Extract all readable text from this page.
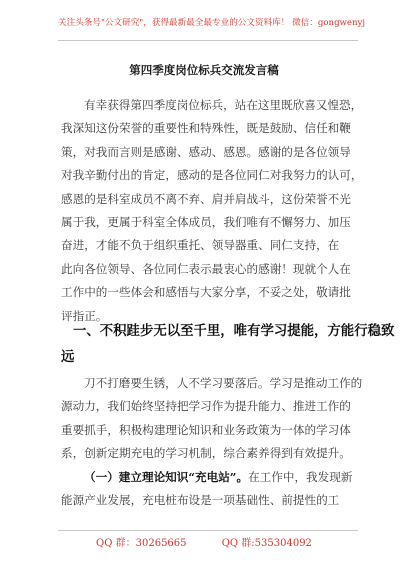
关注头条号"公文研究"，获得最新最全最专业的公文资料库！ 微信：gongwenyj
第四季度岗位标兵交流发言稿
有幸获得第四季度岗位标兵，站在这里既欣喜又惶恐，
我深知这份荣誉的重要性和特殊性，既是鼓励、信任和鞭
策，对我而言则是感谢、感动、感恩。感谢的是各位领导
对我辛勤付出的肯定，感动的是各位同仁对我努力的认可，
感恩的是科室成员不离不弃、肩并肩战斗，这份荣誉不光
属于我，更属于科室全体成员，我们唯有不懈努力、加压
奋进，才能不负于组织重托、领导器重、同仁支持，在
此向各位领导、各位同仁表示最衷心的感谢！现就个人在
工作中的一些体会和感悟与大家分享，不妥之处，敬请批
评指正。
一、不积跬步无以至千里，唯有学习提能，方能行稳致
远
刀不打磨要生锈，人不学习要落后。学习是推动工作的
源动力，我们始终坚持把学习作为提升能力、推进工作的
重要抓手，积极构建理论知识和业务政策为一体的学习体
系，创新定期充电的学习机制，综合素养得到有效提升。
（一）建立理论知识“充电站”。在工作中，我发现新
能源产业发展，充电桩布设是一项基础性、前提性的工
QQ 群：30265665	QQ 群:535304092
